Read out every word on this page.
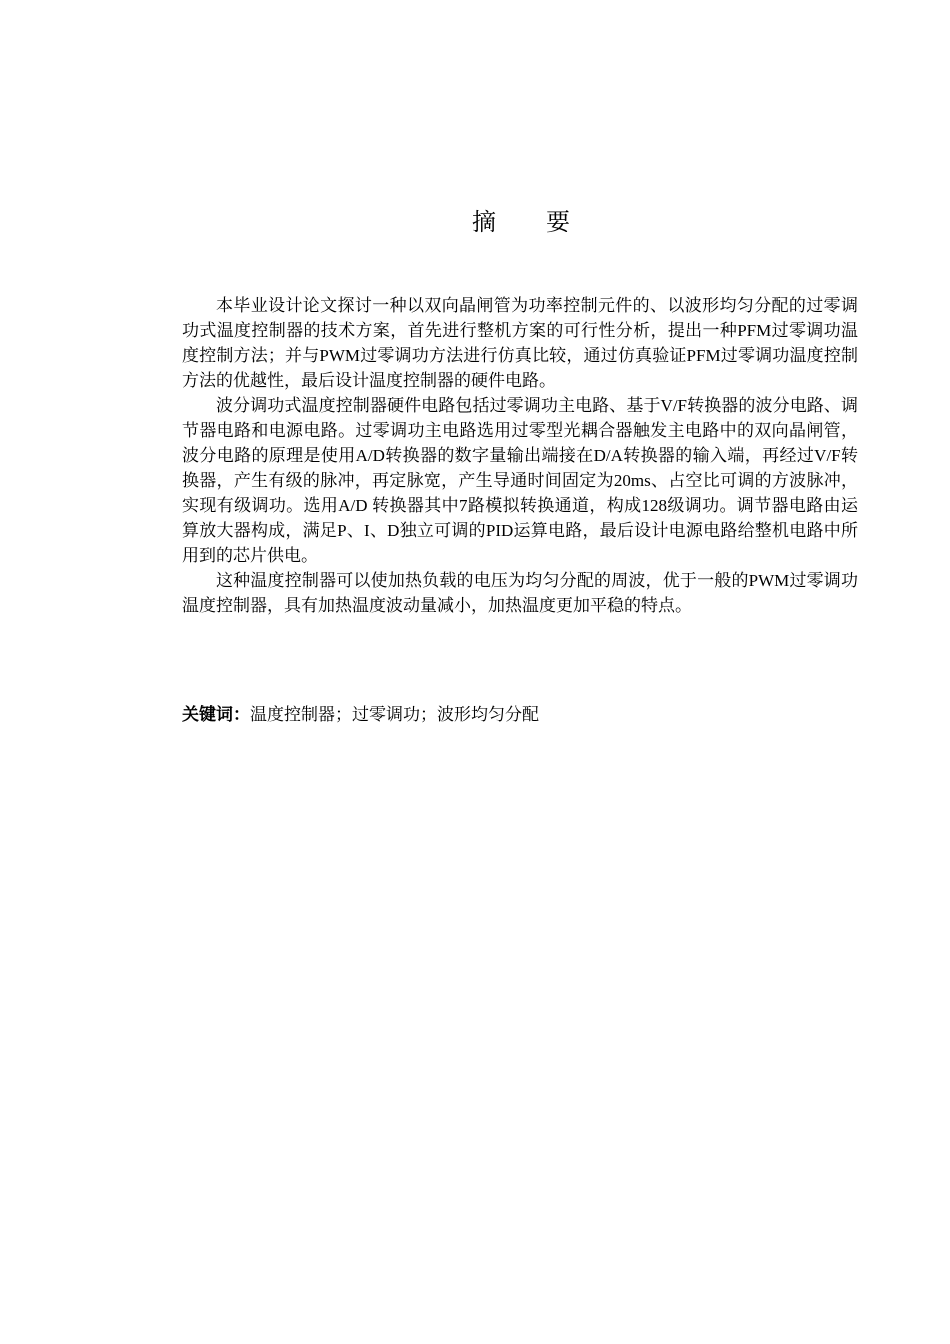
摘 要

本毕业设计论文探讨一种以双向晶闸管为功率控制元件的、以波形均匀分配的过零调功式温度控制器的技术方案，首先进行整机方案的可行性分析，提出一种PFM过零调功温度控制方法；并与PWM过零调功方法进行仿真比较，通过仿真验证PFM过零调功温度控制方法的优越性，最后设计温度控制器的硬件电路。

波分调功式温度控制器硬件电路包括过零调功主电路、基于V/F转换器的波分电路、调节器电路和电源电路。过零调功主电路选用过零型光耦合器触发主电路中的双向晶闸管，波分电路的原理是使用A/D转换器的数字量输出端接在D/A转换器的输入端，再经过V/F转换器，产生有级的脉冲，再定脉宽，产生导通时间固定为20ms、占空比可调的方波脉冲，实现有级调功。选用A/D 转换器其中7路模拟转换通道，构成128级调功。调节器电路由运算放大器构成，满足P、I、D独立可调的PID运算电路，最后设计电源电路给整机电路中所用到的芯片供电。

这种温度控制器可以使加热负载的电压为均匀分配的周波，优于一般的PWM过零调功温度控制器，具有加热温度波动量减小，加热温度更加平稳的特点。

关键词：温度控制器；过零调功；波形均匀分配
